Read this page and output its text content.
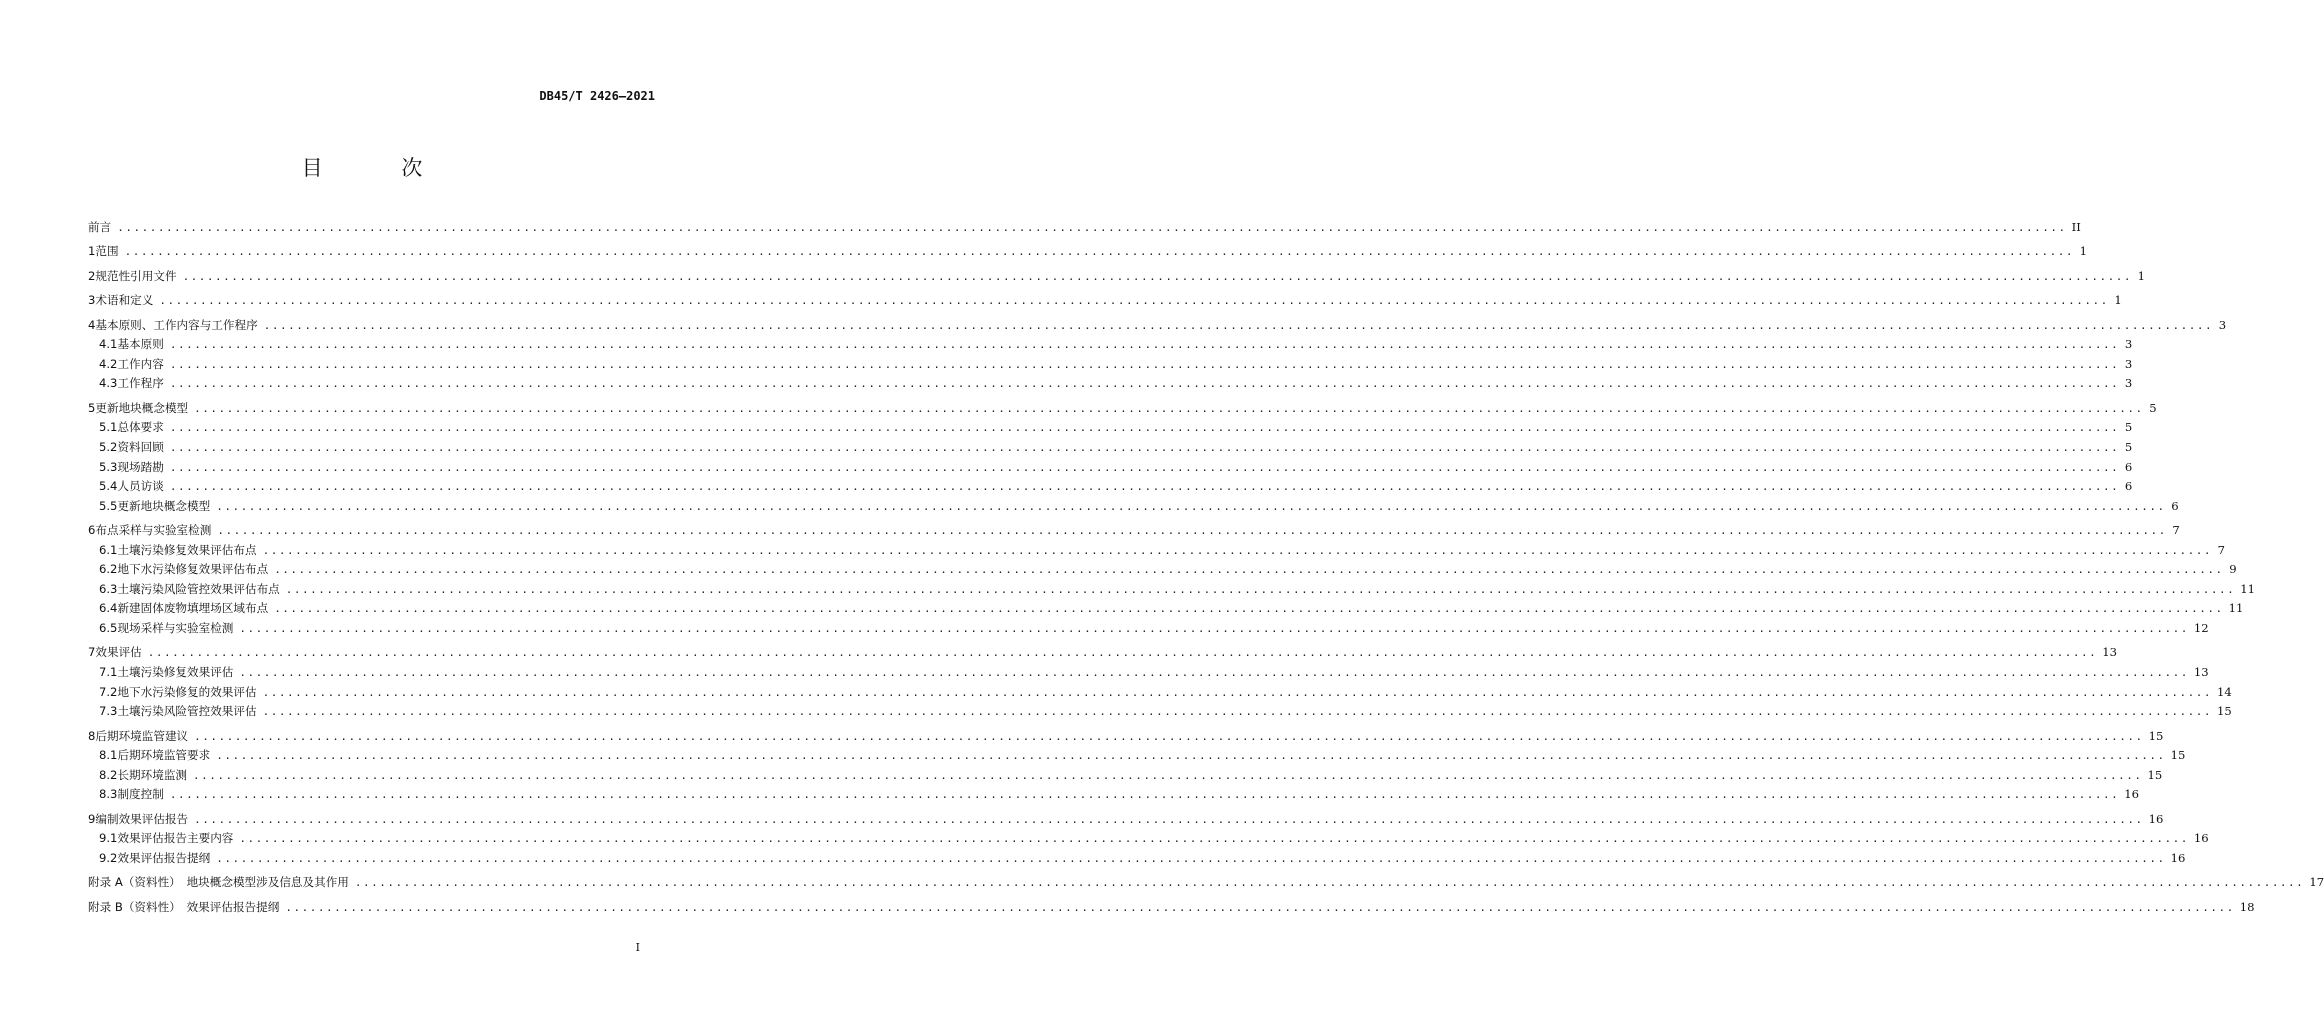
DB45/T 2426—2021
目 次
前言 ................................................................................................................................................................................................................................................ II
1 范围 ................................................................................................................................................................................................................................................ 1
2 规范性引用文件 ................................................................................................................................................................................................................................................ 1
3 术语和定义 ................................................................................................................................................................................................................................................ 1
4 基本原则、工作内容与工作程序 ................................................................................................................................................................................................................................................ 3
4.1 基本原则 ................................................................................................................................................................................................................................................ 3
4.2 工作内容 ................................................................................................................................................................................................................................................ 3
4.3 工作程序 ................................................................................................................................................................................................................................................ 3
5 更新地块概念模型 ................................................................................................................................................................................................................................................ 5
5.1 总体要求 ................................................................................................................................................................................................................................................ 5
5.2 资料回顾 ................................................................................................................................................................................................................................................ 5
5.3 现场踏勘 ................................................................................................................................................................................................................................................ 6
5.4 人员访谈 ................................................................................................................................................................................................................................................ 6
5.5 更新地块概念模型 ................................................................................................................................................................................................................................................ 6
6 布点采样与实验室检测 ................................................................................................................................................................................................................................................ 7
6.1 土壤污染修复效果评估布点 ................................................................................................................................................................................................................................................ 7
6.2 地下水污染修复效果评估布点 ................................................................................................................................................................................................................................................ 9
6.3 土壤污染风险管控效果评估布点 ................................................................................................................................................................................................................................................ 11
6.4 新建固体废物填埋场区域布点 ................................................................................................................................................................................................................................................ 11
6.5 现场采样与实验室检测 ................................................................................................................................................................................................................................................ 12
7 效果评估 ................................................................................................................................................................................................................................................ 13
7.1 土壤污染修复效果评估 ................................................................................................................................................................................................................................................ 13
7.2 地下水污染修复的效果评估 ................................................................................................................................................................................................................................................ 14
7.3 土壤污染风险管控效果评估 ................................................................................................................................................................................................................................................ 15
8 后期环境监管建议 ................................................................................................................................................................................................................................................ 15
8.1 后期环境监管要求 ................................................................................................................................................................................................................................................ 15
8.2 长期环境监测 ................................................................................................................................................................................................................................................ 15
8.3 制度控制 ................................................................................................................................................................................................................................................ 16
9 编制效果评估报告 ................................................................................................................................................................................................................................................ 16
9.1 效果评估报告主要内容 ................................................................................................................................................................................................................................................ 16
9.2 效果评估报告提纲 ................................................................................................................................................................................................................................................ 16
附录 A（资料性）　地块概念模型涉及信息及其作用 ................................................................................................................................................................................................................................................ 17
附录 B（资料性）　效果评估报告提纲 ................................................................................................................................................................................................................................................ 18
I
